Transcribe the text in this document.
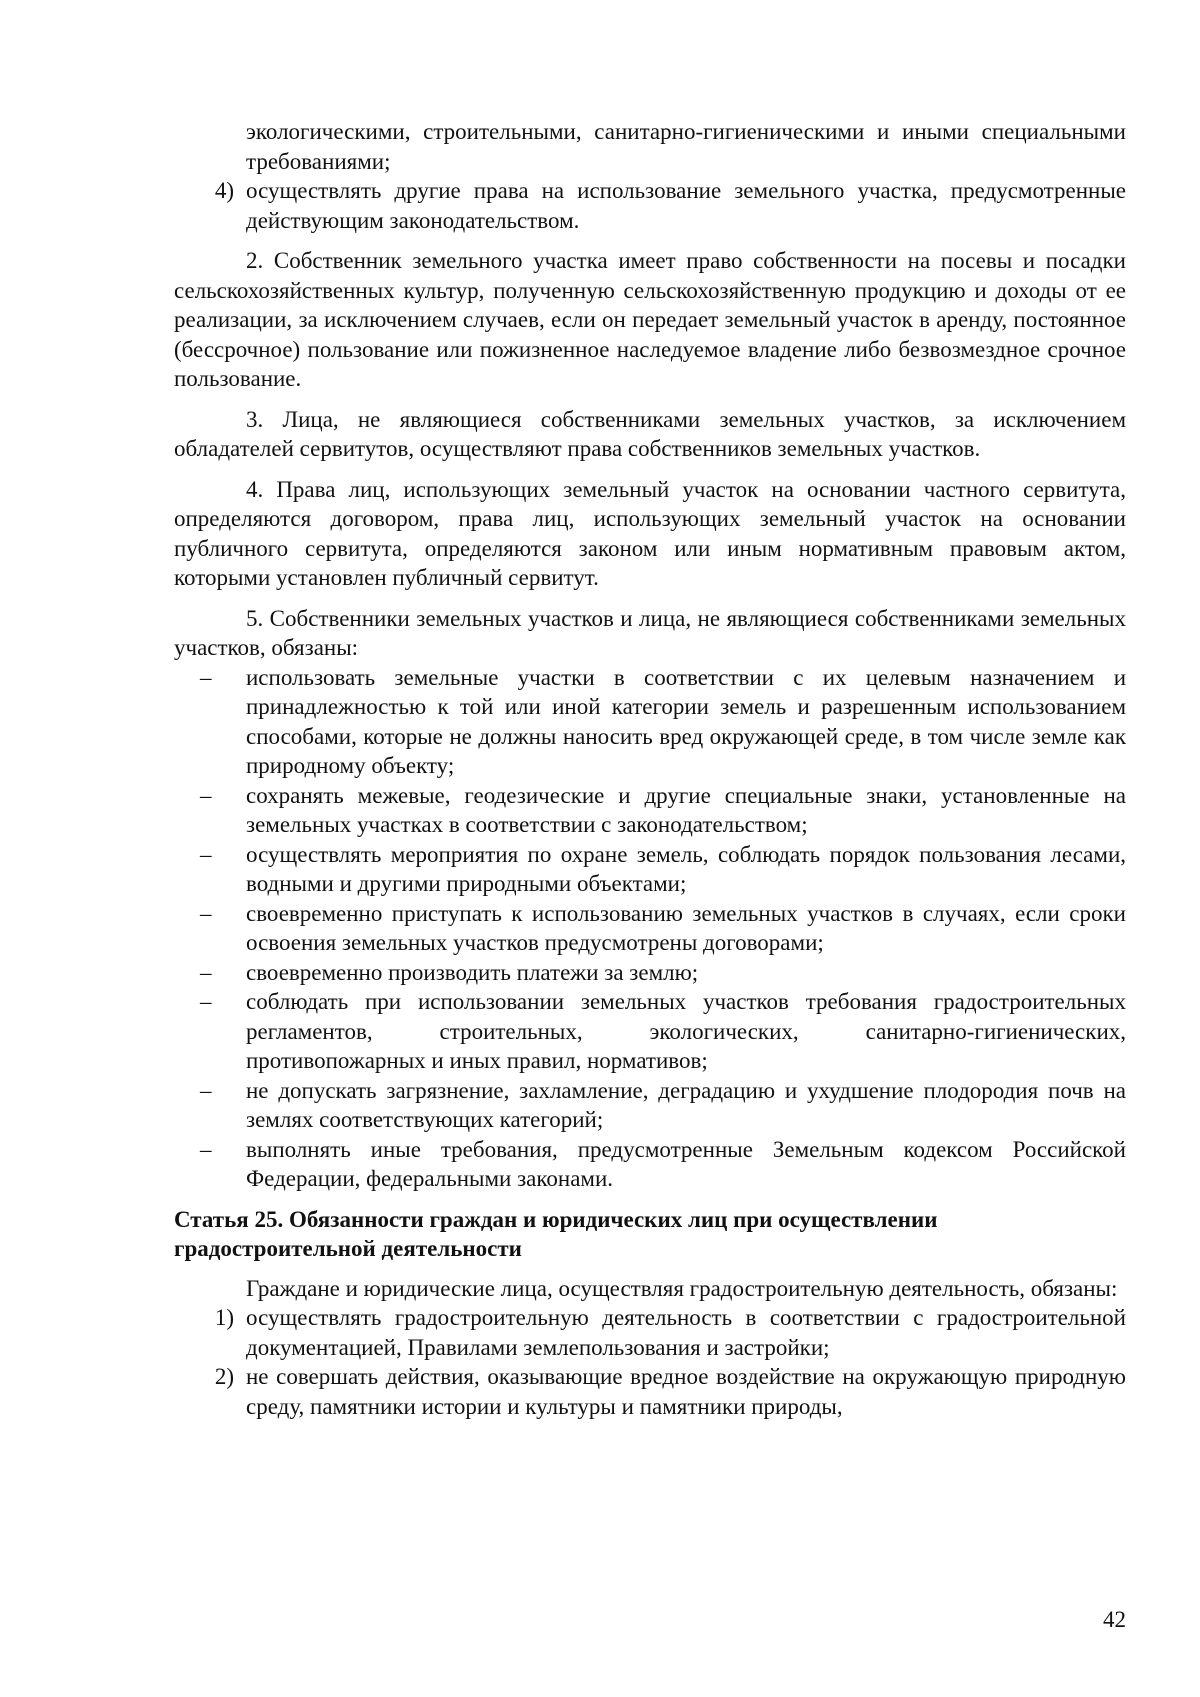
экологическими, строительными, санитарно-гигиеническими и иными специальными требованиями;

4) осуществлять другие права на использование земельного участка, предусмотренные действующим законодательством.

2. Собственник земельного участка имеет право собственности на посевы и посадки сельскохозяйственных культур, полученную сельскохозяйственную продукцию и доходы от ее реализации, за исключением случаев, если он передает земельный участок в аренду, постоянное (бессрочное) пользование или пожизненное наследуемое владение либо безвозмездное срочное пользование.

3. Лица, не являющиеся собственниками земельных участков, за исключением обладателей сервитутов, осуществляют права собственников земельных участков.

4. Права лиц, использующих земельный участок на основании частного сервитута, определяются договором, права лиц, использующих земельный участок на основании публичного сервитута, определяются законом или иным нормативным правовым актом, которыми установлен публичный сервитут.

5. Собственники земельных участков и лица, не являющиеся собственниками земельных участков, обязаны:

–	использовать земельные участки в соответствии с их целевым назначением и принадлежностью к той или иной категории земель и разрешенным использованием способами, которые не должны наносить вред окружающей среде, в том числе земле как природному объекту;
–	сохранять межевые, геодезические и другие специальные знаки, установленные на земельных участках в соответствии с законодательством;
–	осуществлять мероприятия по охране земель, соблюдать порядок пользования лесами, водными и другими природными объектами;
–	своевременно приступать к использованию земельных участков в случаях, если сроки освоения земельных участков предусмотрены договорами;
–	своевременно производить платежи за землю;
–	соблюдать при использовании земельных участков требования градостроительных регламентов, строительных, экологических, санитарно-гигиенических, противопожарных и иных правил, нормативов;
–	не допускать загрязнение, захламление, деградацию и ухудшение плодородия почв на землях соответствующих категорий;
–	выполнять иные требования, предусмотренные Земельным кодексом Российской Федерации, федеральными законами.
Статья 25. Обязанности граждан и юридических лиц при осуществлении градостроительной деятельности

Граждане и юридические лица, осуществляя градостроительную деятельность, обязаны:

1) осуществлять градостроительную деятельность в соответствии с градостроительной документацией, Правилами землепользования и застройки;
2) не совершать действия, оказывающие вредное воздействие на окружающую природную среду, памятники истории и культуры и памятники природы,
42
